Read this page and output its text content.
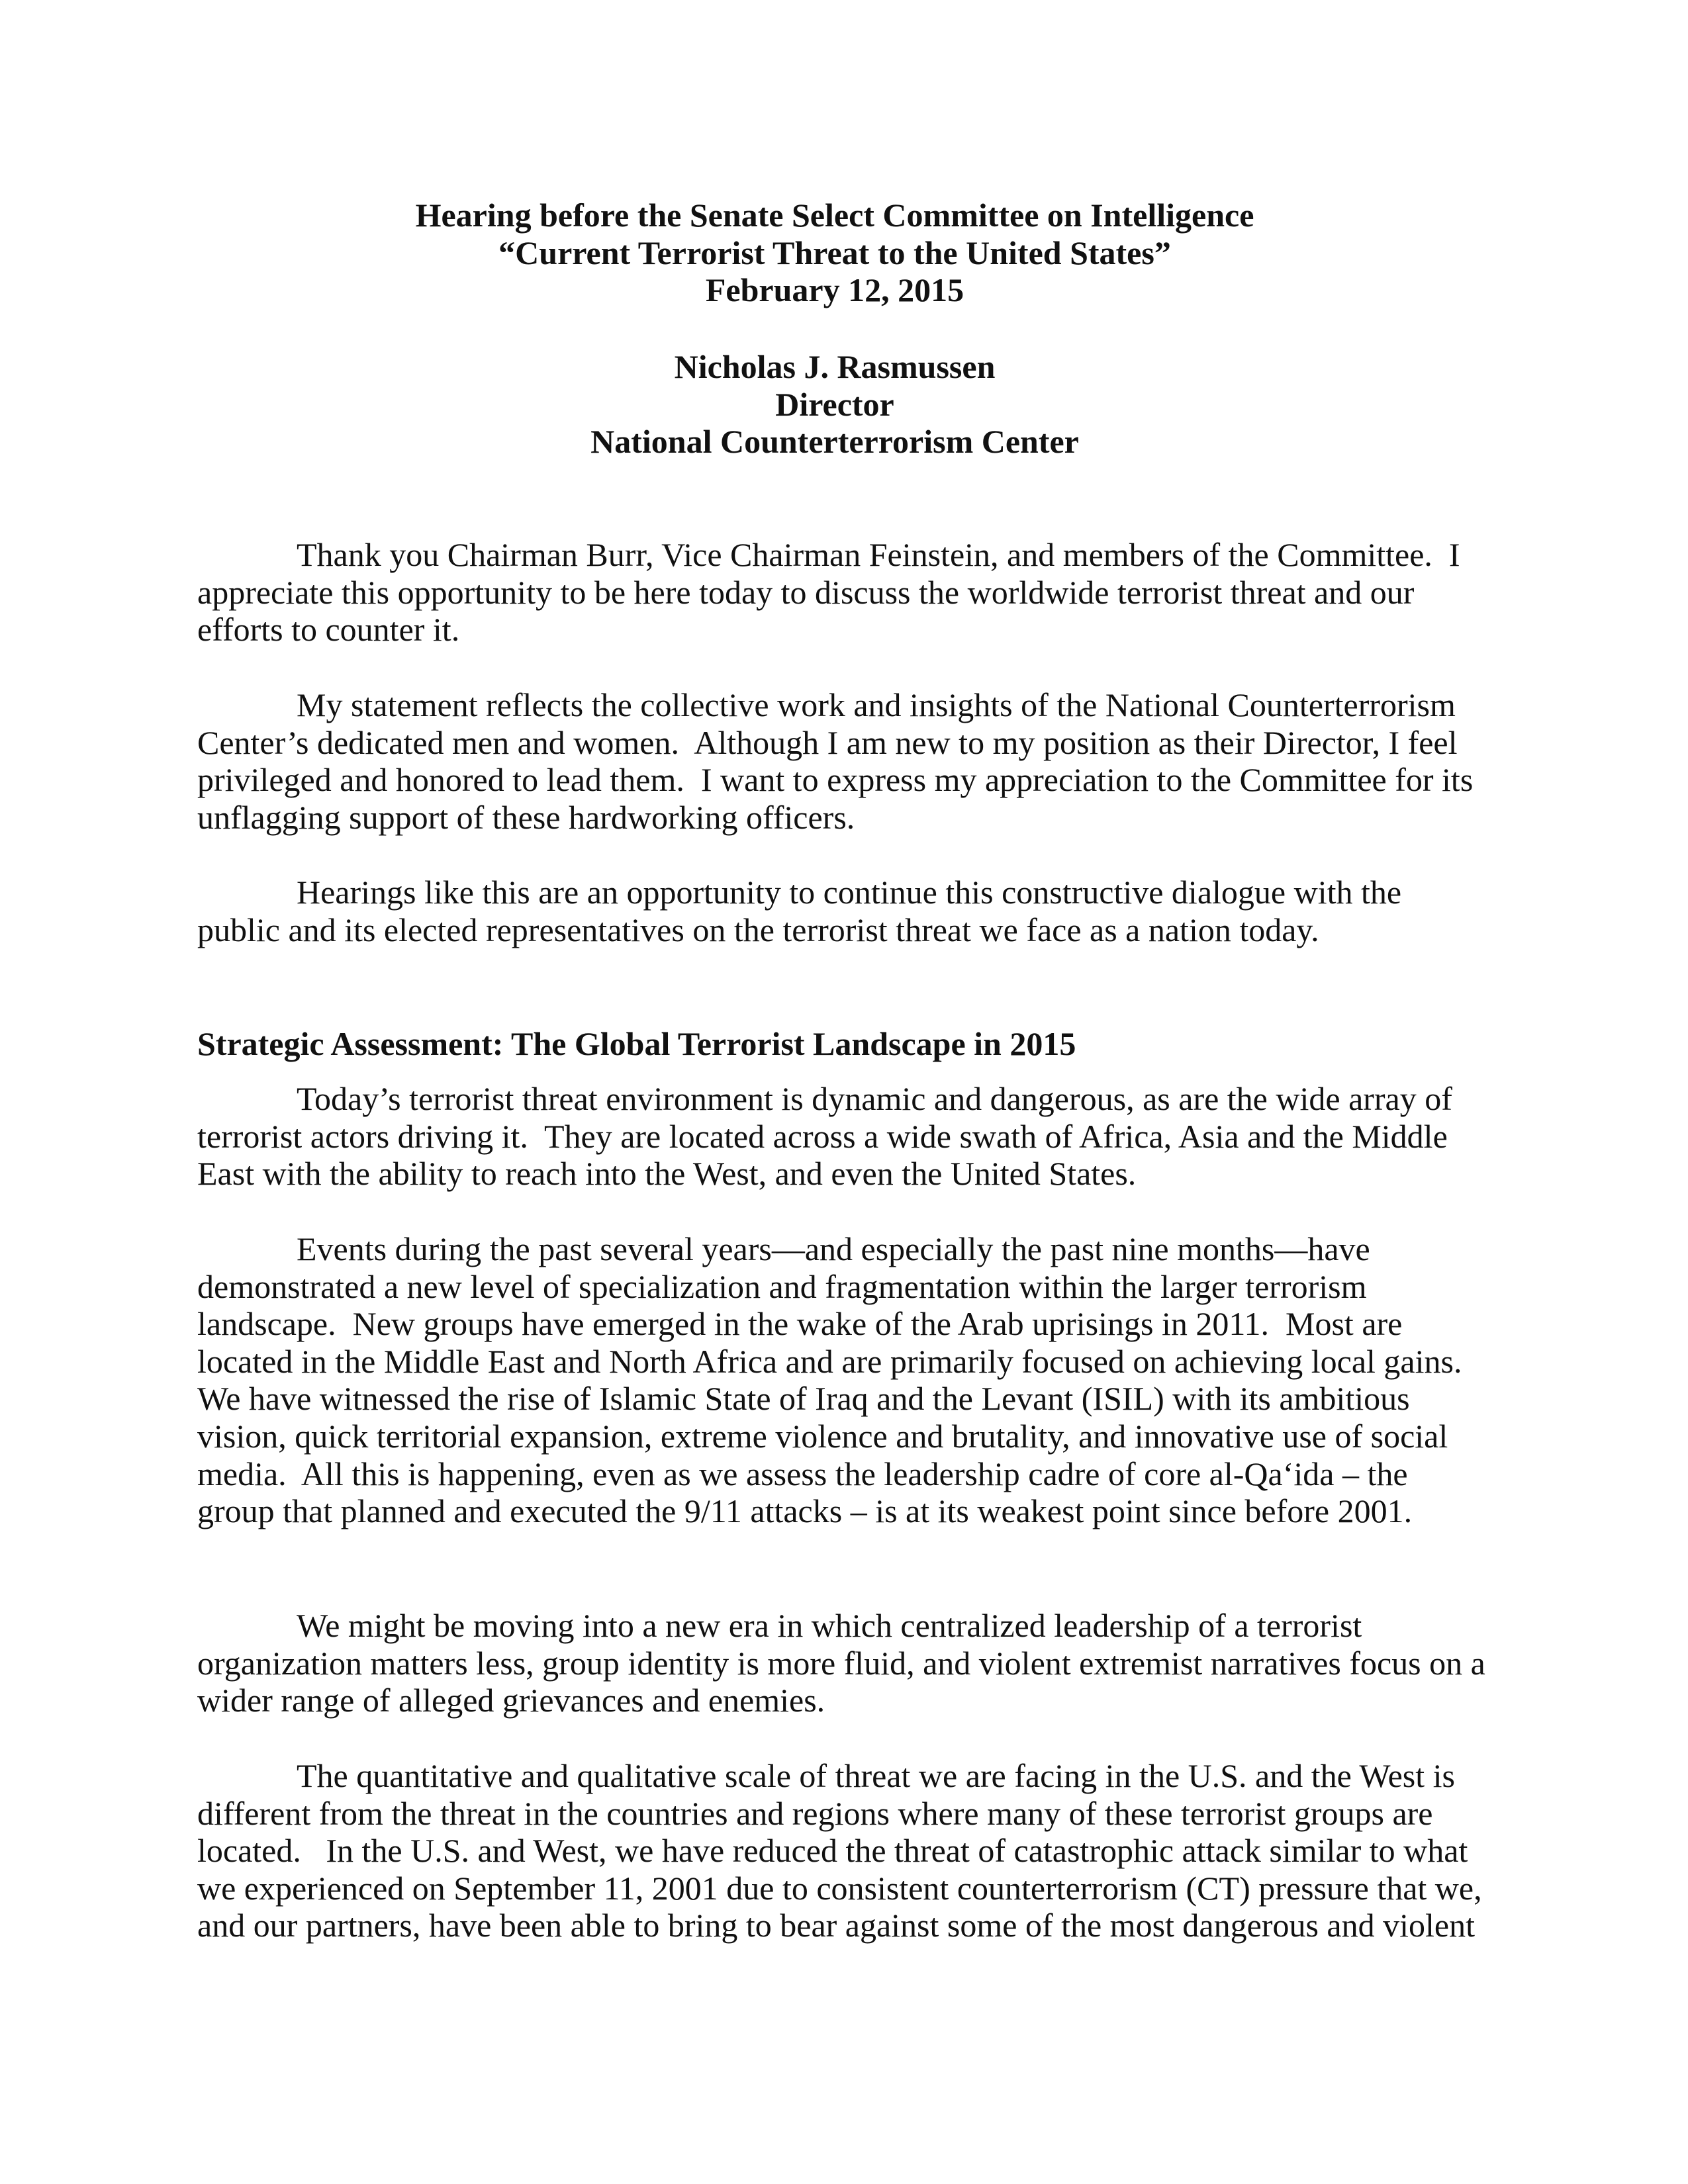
Hearing before the Senate Select Committee on Intelligence
“Current Terrorist Threat to the United States”
February 12, 2015
Nicholas J. Rasmussen
Director
National Counterterrorism Center
Thank you Chairman Burr, Vice Chairman Feinstein, and members of the Committee.  I
appreciate this opportunity to be here today to discuss the worldwide terrorist threat and our
efforts to counter it.
My statement reflects the collective work and insights of the National Counterterrorism
Center’s dedicated men and women.  Although I am new to my position as their Director, I feel
privileged and honored to lead them.  I want to express my appreciation to the Committee for its
unflagging support of these hardworking officers.
Hearings like this are an opportunity to continue this constructive dialogue with the
public and its elected representatives on the terrorist threat we face as a nation today.
Strategic Assessment: The Global Terrorist Landscape in 2015
Today’s terrorist threat environment is dynamic and dangerous, as are the wide array of
terrorist actors driving it.  They are located across a wide swath of Africa, Asia and the Middle
East with the ability to reach into the West, and even the United States.
Events during the past several years—and especially the past nine months—have
demonstrated a new level of specialization and fragmentation within the larger terrorism
landscape.  New groups have emerged in the wake of the Arab uprisings in 2011.  Most are
located in the Middle East and North Africa and are primarily focused on achieving local gains.
We have witnessed the rise of Islamic State of Iraq and the Levant (ISIL) with its ambitious
vision, quick territorial expansion, extreme violence and brutality, and innovative use of social
media.  All this is happening, even as we assess the leadership cadre of core al-Qa‘ida – the
group that planned and executed the 9/11 attacks – is at its weakest point since before 2001.
We might be moving into a new era in which centralized leadership of a terrorist
organization matters less, group identity is more fluid, and violent extremist narratives focus on a
wider range of alleged grievances and enemies.
The quantitative and qualitative scale of threat we are facing in the U.S. and the West is
different from the threat in the countries and regions where many of these terrorist groups are
located.   In the U.S. and West, we have reduced the threat of catastrophic attack similar to what
we experienced on September 11, 2001 due to consistent counterterrorism (CT) pressure that we,
and our partners, have been able to bring to bear against some of the most dangerous and violent
